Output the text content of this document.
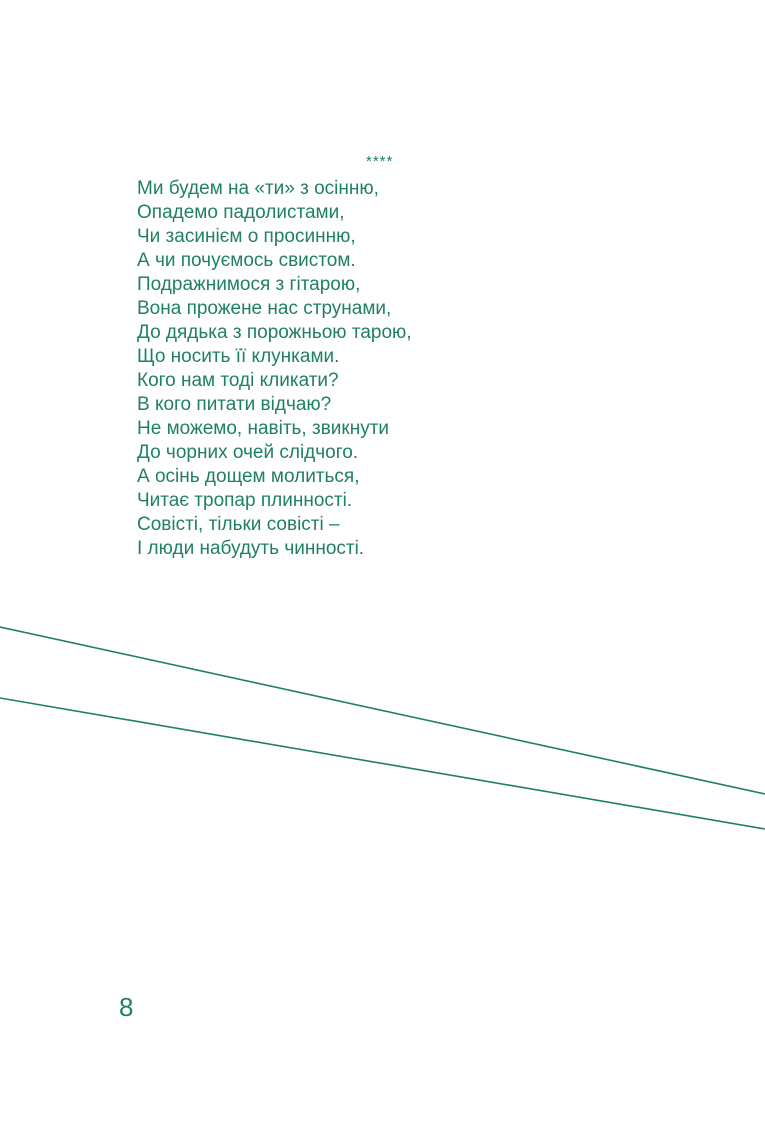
****
Ми будем на «ти» з осінню,
Опадемо падолистами,
Чи засинієм о просинню,
А чи почуємось свистом.
Подражнимося з гітарою,
Вона прожене нас струнами,
До дядька з порожньою тарою,
Що носить її клунками.
Кого нам тоді кликати?
В кого питати відчаю?
Не можемо, навіть, звикнути
До чорних очей слідчого.
А осінь дощем молиться,
Читає тропар плинності.
Совісті, тільки совісті –
І люди набудуть чинності.
8
